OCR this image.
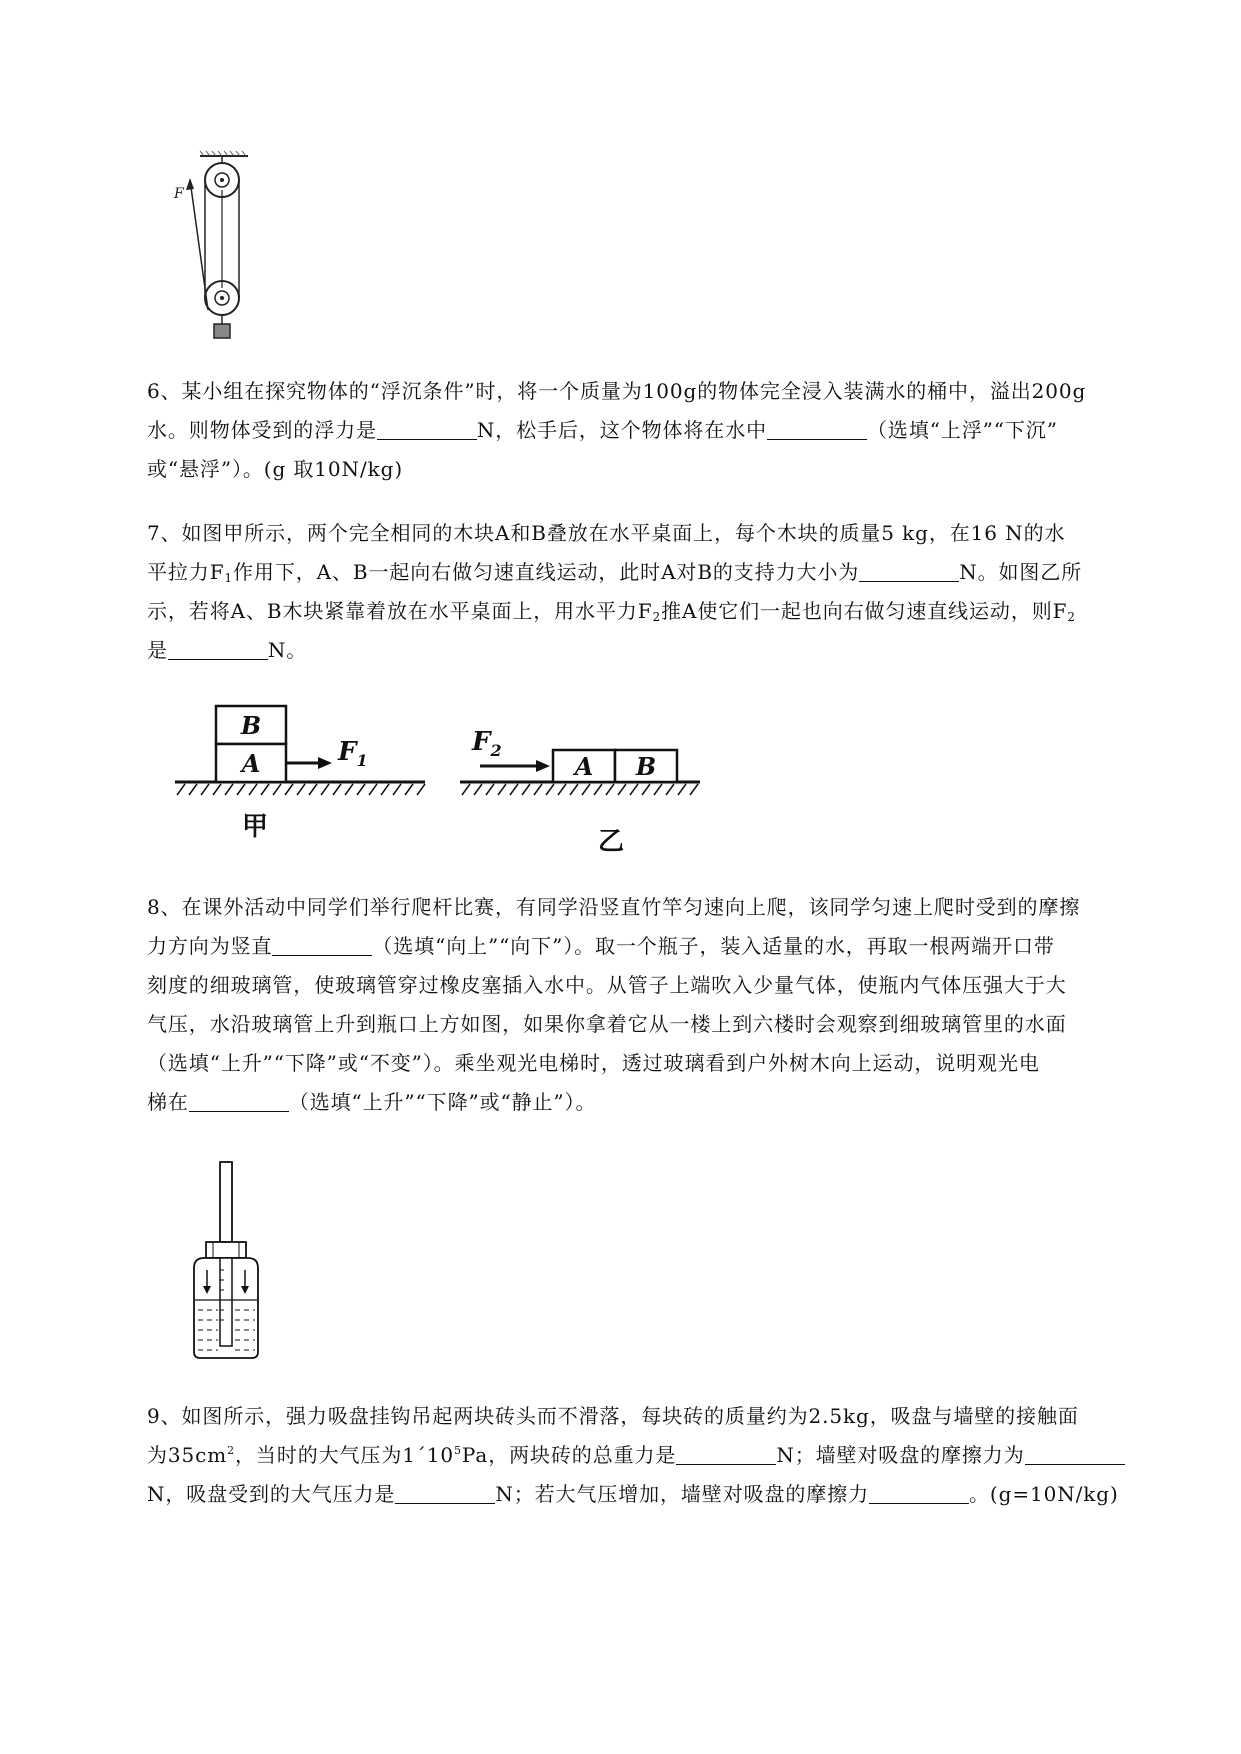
F
6、某小组在探究物体的“浮沉条件”时，将一个质量为100g的物体完全浸入装满水的桶中，溢出200g
水。则物体受到的浮力是	N，松手后，这个物体将在水中	（选填“上浮”“下沉”
或“悬浮”）。(g 取10N/kg)
7、如图甲所示，两个完全相同的木块A和B叠放在水平桌面上，每个木块的质量5 kg，在16 N的水
平拉力$F_1$作用下，A、B一起向右做匀速直线运动，此时A对B的支持力大小为	N。如图乙所
示，若将A、B木块紧靠着放在水平桌面上，用水平力$F_2$推A使它们一起也向右做匀速直线运动，则$F_2$
是	N。
B
A	$F_1$
甲
A B
$F_2$
乙
8、在课外活动中同学们举行爬杆比赛，有同学沿竖直竹竿匀速向上爬，该同学匀速上爬时受到的摩擦
力方向为竖直	（选填“向上”“向下”）。取一个瓶子，装入适量的水，再取一根两端开口带
刻度的细玻璃管，使玻璃管穿过橡皮塞插入水中。从管子上端吹入少量气体，使瓶内气体压强大于大
气压，水沿玻璃管上升到瓶口上方如图，如果你拿着它从一楼上到六楼时会观察到细玻璃管里的水面
（选填“上升”“下降”或“不变”）。乘坐观光电梯时，透过玻璃看到户外树木向上运动，说明观光电
梯在	（选填“上升”“下降”或“静止”）。
9、如图所示，强力吸盘挂钩吊起两块砖头而不滑落，每块砖的质量约为2.5kg，吸盘与墙壁的接触面
为$35cm^2$，当时的大气压为$1´10^5Pa$，两块砖的总重力是	N；墙壁对吸盘的摩擦力为
N，吸盘受到的大气压力是	N；若大气压增加，墙壁对吸盘的摩擦力	。(g=10N/kg)
